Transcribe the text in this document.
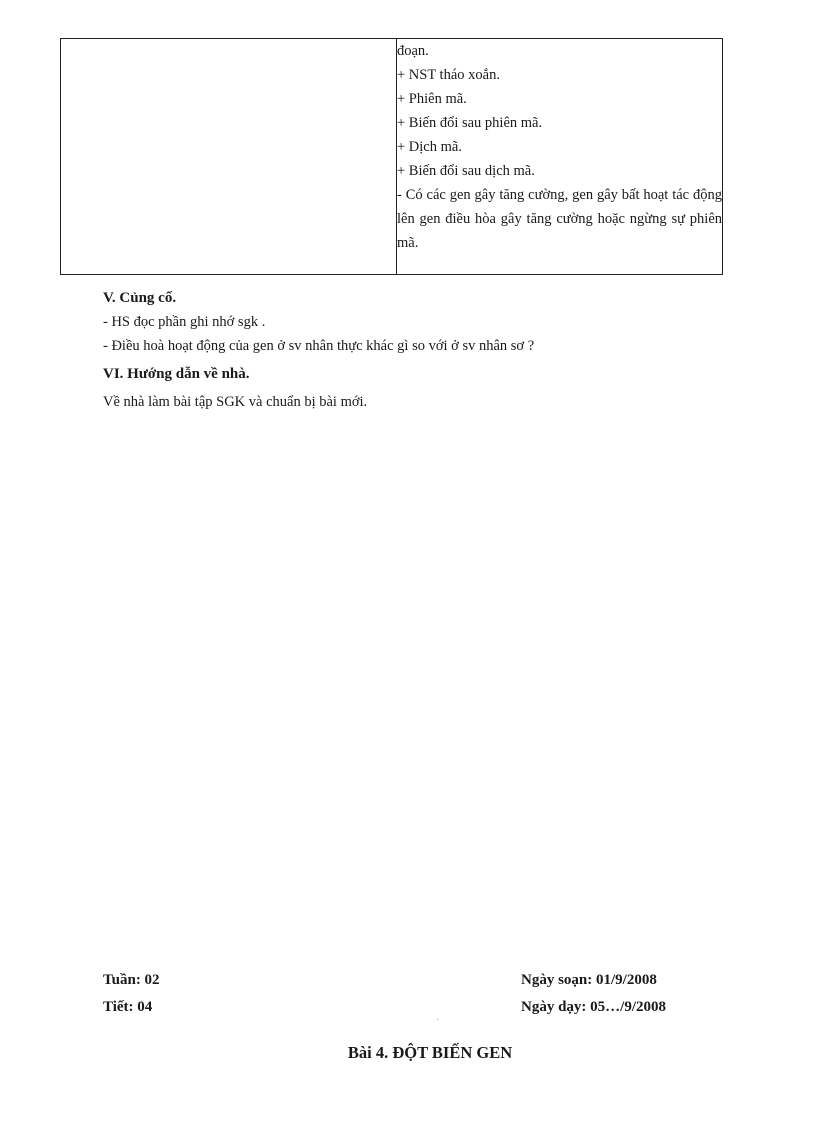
đoạn.
+ NST tháo xoắn.
+ Phiên mã.
+ Biến đổi sau phiên mã.
+ Dịch mã.
+ Biến đổi sau dịch mã.
- Có các gen gây tăng cường, gen gây bất hoạt tác động lên gen điều hòa gây tăng cường hoặc ngừng sự phiên mã.
V. Củng cố.
- HS đọc phần ghi nhớ sgk .
- Điều hoà hoạt động của gen ở sv nhân thực khác gì so với ở sv nhân sơ ?
VI. Hướng dẫn về nhà.
Về nhà làm bài tập SGK và chuẩn bị bài mới.
Tuần: 02
Tiết: 04
Ngày soạn: 01/9/2008
Ngày dạy: 05…/9/2008
Bài 4. ĐỘT BIẾN GEN
